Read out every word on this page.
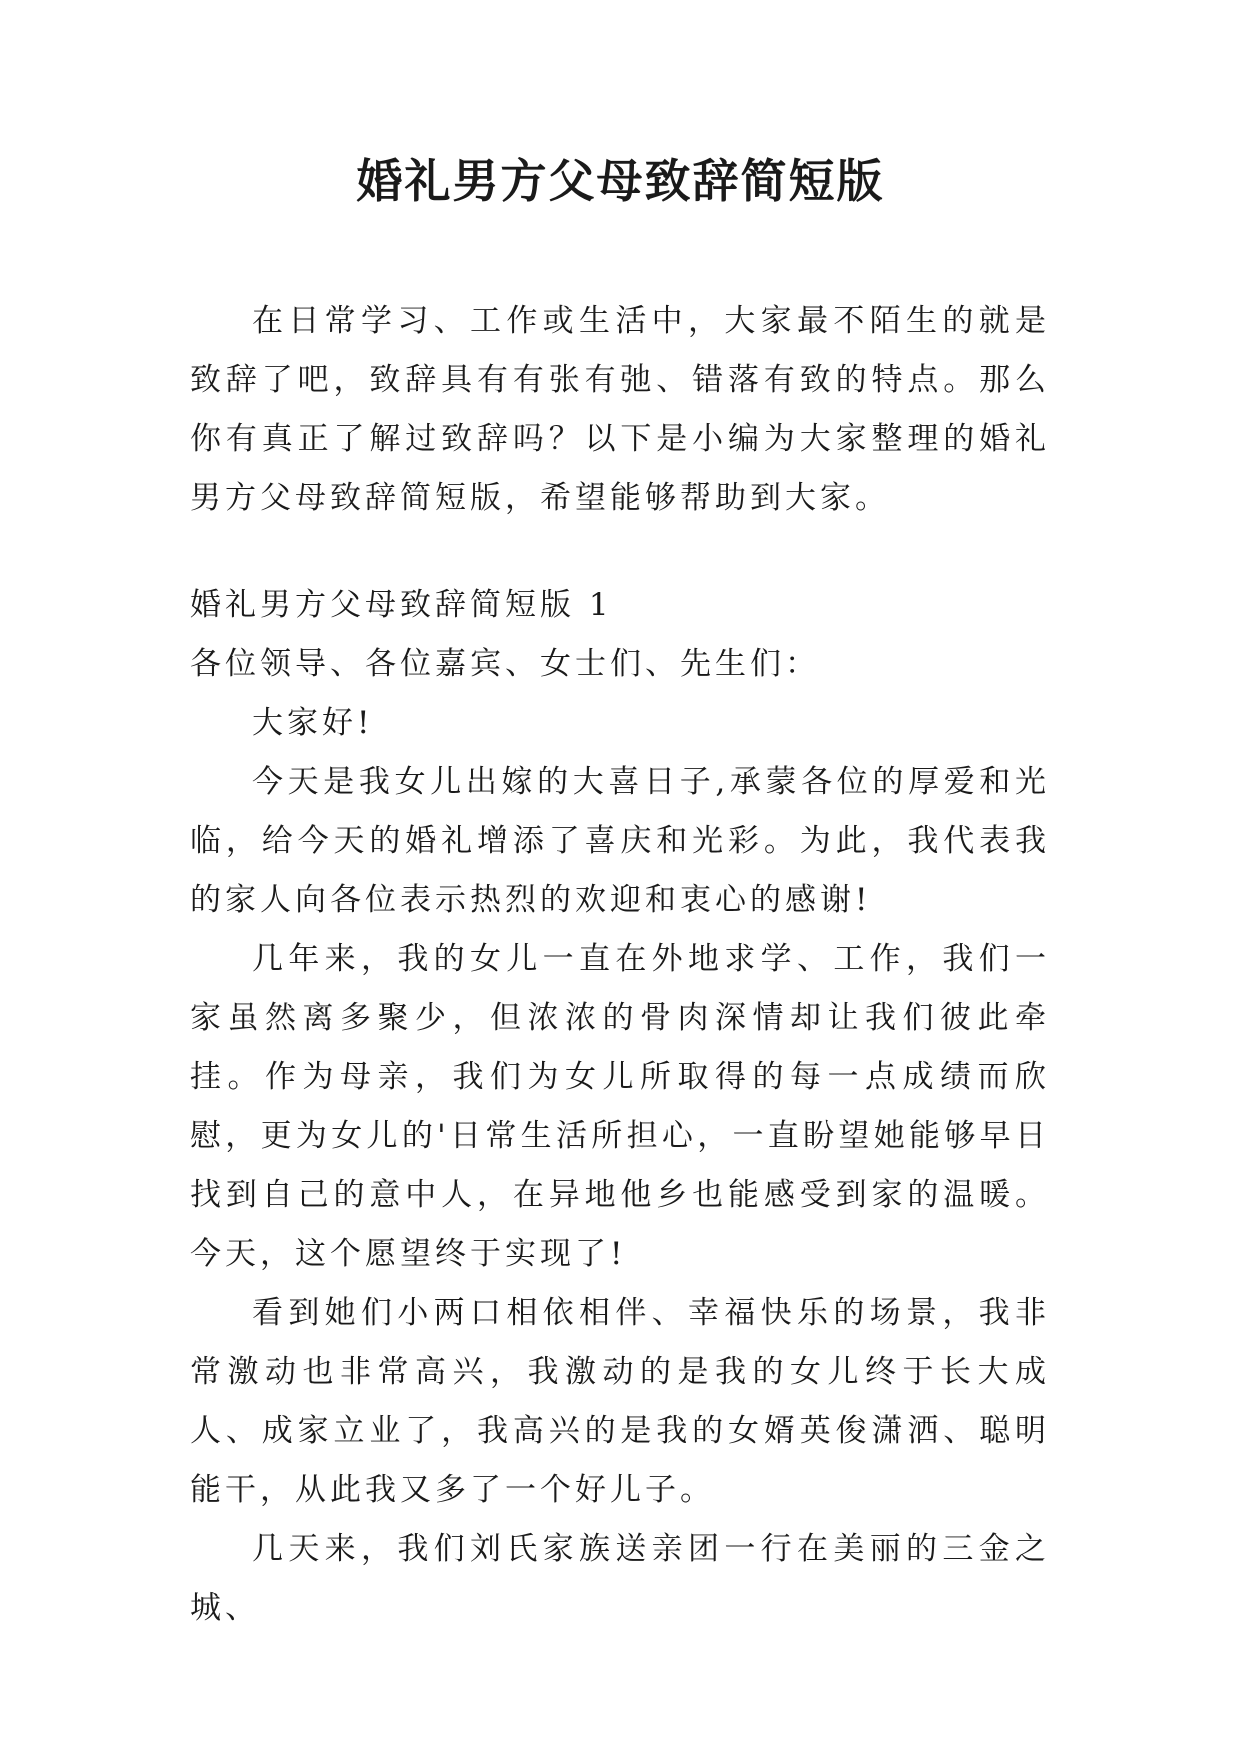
婚礼男方父母致辞简短版

在日常学习、工作或生活中，大家最不陌生的就是致辞了吧，致辞具有有张有弛、错落有致的特点。那么你有真正了解过致辞吗？以下是小编为大家整理的婚礼男方父母致辞简短版，希望能够帮助到大家。

婚礼男方父母致辞简短版 1

各位领导、各位嘉宾、女士们、先生们：

大家好!

今天是我女儿出嫁的大喜日子,承蒙各位的厚爱和光临，给今天的婚礼增添了喜庆和光彩。为此，我代表我的家人向各位表示热烈的欢迎和衷心的感谢!

几年来，我的女儿一直在外地求学、工作，我们一家虽然离多聚少，但浓浓的骨肉深情却让我们彼此牵挂。作为母亲，我们为女儿所取得的每一点成绩而欣慰，更为女儿的'日常生活所担心，一直盼望她能够早日找到自己的意中人，在异地他乡也能感受到家的温暖。今天，这个愿望终于实现了!

看到她们小两口相依相伴、幸福快乐的场景，我非常激动也非常高兴，我激动的是我的女儿终于长大成人、成家立业了，我高兴的是我的女婿英俊潇洒、聪明能干，从此我又多了一个好儿子。

几天来，我们刘氏家族送亲团一行在美丽的三金之城、
